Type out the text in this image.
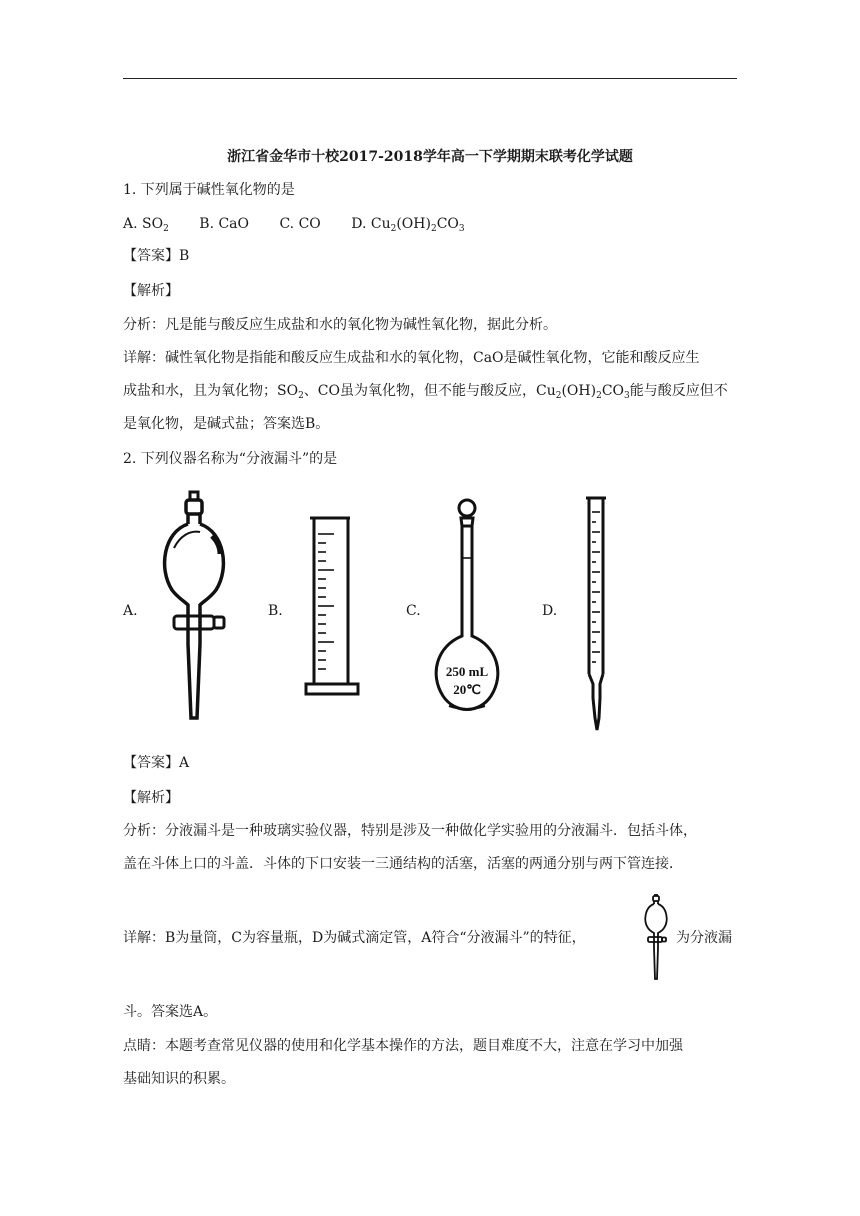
浙江省金华市十校2017-2018学年高一下学期期末联考化学试题
1. 下列属于碱性氧化物的是
A. $SO_2$ B. CaO C. CO D. $Cu_2(OH)_2CO_3$
【答案】B
【解析】
分析：凡是能与酸反应生成盐和水的氧化物为碱性氧化物，据此分析。
详解：碱性氧化物是指能和酸反应生成盐和水的氧化物，CaO是碱性氧化物，它能和酸反应生
成盐和水，且为氧化物；$SO_2$、CO虽为氧化物，但不能与酸反应，$Cu_2(OH)_2CO_3$能与酸反应但不
是氧化物，是碱式盐；答案选B。
2. 下列仪器名称为“分液漏斗”的是
A.	B.	C.	D.
250 mL
20℃
【答案】A
【解析】
分析：分液漏斗是一种玻璃实验仪器，特别是涉及一种做化学实验用的分液漏斗．包括斗体，
盖在斗体上口的斗盖．斗体的下口安装一三通结构的活塞，活塞的两通分别与两下管连接．
详解：B为量筒，C为容量瓶，D为碱式滴定管，A符合“分液漏斗”的特征，	为分液漏
斗。答案选A。
点睛：本题考查常见仪器的使用和化学基本操作的方法，题目难度不大，注意在学习中加强
基础知识的积累。
